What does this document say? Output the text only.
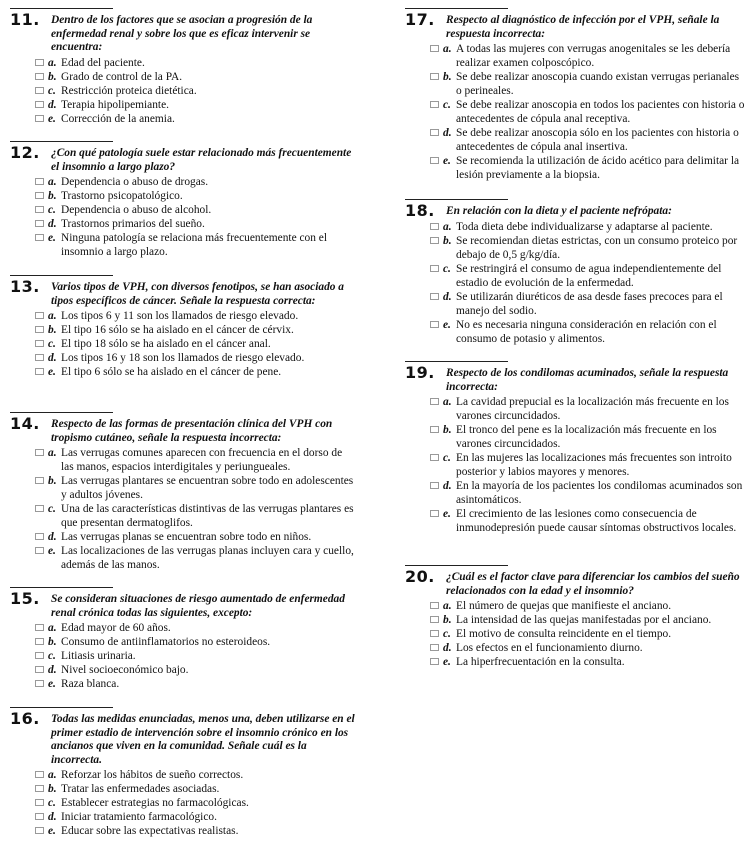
11. Dentro de los factores que se asocian a progresión de la enfermedad renal y sobre los que es eficaz intervenir se encuentra:
a. Edad del paciente.
b. Grado de control de la PA.
c. Restricción proteica dietética.
d. Terapia hipolipemiante.
e. Corrección de la anemia.
12. ¿Con qué patología suele estar relacionado más frecuentemente el insomnio a largo plazo?
a. Dependencia o abuso de drogas.
b. Trastorno psicopatológico.
c. Dependencia o abuso de alcohol.
d. Trastornos primarios del sueño.
e. Ninguna patología se relaciona más frecuentemente con el insomnio a largo plazo.
13. Varios tipos de VPH, con diversos fenotipos, se han asociado a tipos específicos de cáncer. Señale la respuesta correcta:
a. Los tipos 6 y 11 son los llamados de riesgo elevado.
b. El tipo 16 sólo se ha aislado en el cáncer de cérvix.
c. El tipo 18 sólo se ha aislado en el cáncer anal.
d. Los tipos 16 y 18 son los llamados de riesgo elevado.
e. El tipo 6 sólo se ha aislado en el cáncer de pene.
14. Respecto de las formas de presentación clínica del VPH con tropismo cutáneo, señale la respuesta incorrecta:
a. Las verrugas comunes aparecen con frecuencia en el dorso de las manos, espacios interdigitales y periungueales.
b. Las verrugas plantares se encuentran sobre todo en adolescentes y adultos jóvenes.
c. Una de las características distintivas de las verrugas plantares es que presentan dermatoglifos.
d. Las verrugas planas se encuentran sobre todo en niños.
e. Las localizaciones de las verrugas planas incluyen cara y cuello, además de las manos.
15. Se consideran situaciones de riesgo aumentado de enfermedad renal crónica todas las siguientes, excepto:
a. Edad mayor de 60 años.
b. Consumo de antiinflamatorios no esteroideos.
c. Litiasis urinaria.
d. Nivel socioeconómico bajo.
e. Raza blanca.
16. Todas las medidas enunciadas, menos una, deben utilizarse en el primer estadio de intervención sobre el insomnio crónico en los ancianos que viven en la comunidad. Señale cuál es la incorrecta.
a. Reforzar los hábitos de sueño correctos.
b. Tratar las enfermedades asociadas.
c. Establecer estrategias no farmacológicas.
d. Iniciar tratamiento farmacológico.
e. Educar sobre las expectativas realistas.
17. Respecto al diagnóstico de infección por el VPH, señale la respuesta incorrecta:
a. A todas las mujeres con verrugas anogenitales se les debería realizar examen colposcópico.
b. Se debe realizar anoscopia cuando existan verrugas perianales o perineales.
c. Se debe realizar anoscopia en todos los pacientes con historia o antecedentes de cópula anal receptiva.
d. Se debe realizar anoscopia sólo en los pacientes con historia o antecedentes de cópula anal insertiva.
e. Se recomienda la utilización de ácido acético para delimitar la lesión previamente a la biopsia.
18. En relación con la dieta y el paciente nefrópata:
a. Toda dieta debe individualizarse y adaptarse al paciente.
b. Se recomiendan dietas estrictas, con un consumo proteico por debajo de 0,5 g/kg/día.
c. Se restringirá el consumo de agua independientemente del estadio de evolución de la enfermedad.
d. Se utilizarán diuréticos de asa desde fases precoces para el manejo del sodio.
e. No es necesaria ninguna consideración en relación con el consumo de potasio y alimentos.
19. Respecto de los condilomas acuminados, señale la respuesta incorrecta:
a. La cavidad prepucial es la localización más frecuente en los varones circuncidados.
b. El tronco del pene es la localización más frecuente en los varones circuncidados.
c. En las mujeres las localizaciones más frecuentes son introito posterior y labios mayores y menores.
d. En la mayoría de los pacientes los condilomas acuminados son asintomáticos.
e. El crecimiento de las lesiones como consecuencia de inmunodepresión puede causar síntomas obstructivos locales.
20. ¿Cuál es el factor clave para diferenciar los cambios del sueño relacionados con la edad y el insomnio?
a. El número de quejas que manifieste el anciano.
b. La intensidad de las quejas manifestadas por el anciano.
c. El motivo de consulta reincidente en el tiempo.
d. Los efectos en el funcionamiento diurno.
e. La hiperfrecuentación en la consulta.
